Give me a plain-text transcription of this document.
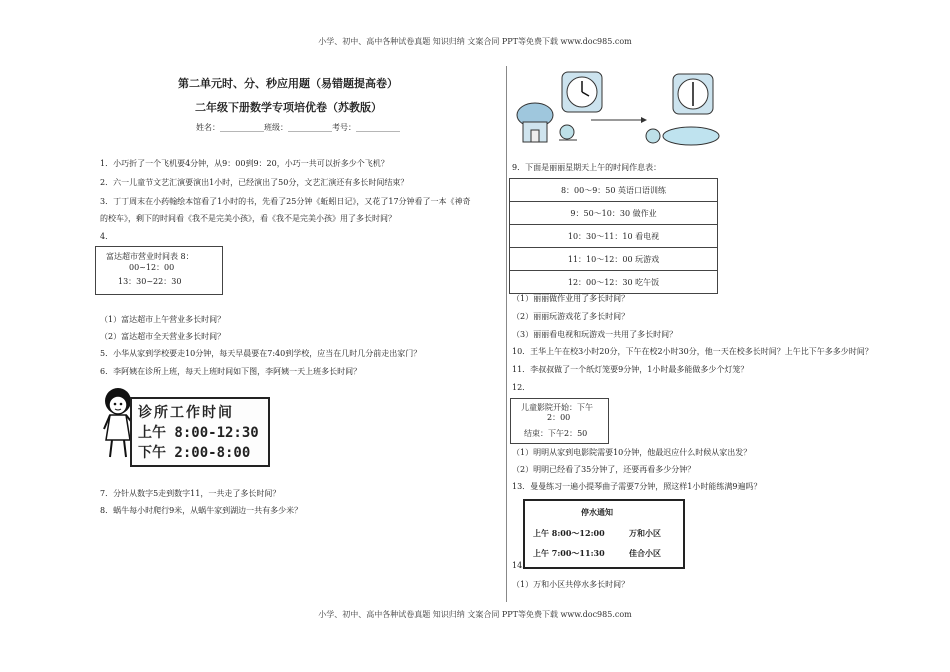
小学、初中、高中各种试卷真题 知识归纳 文案合同 PPT等免费下载 www.doc985.com
小学、初中、高中各种试卷真题 知识归纳 文案合同 PPT等免费下载 www.doc985.com
第二单元时、分、秒应用题（易错题提高卷）
二年级下册数学专项培优卷（苏教版）
姓名：___________班级：___________考号：___________
1．小巧折了一个飞机要4分钟，从9：00到9：20，小巧一共可以折多少个飞机？
2．六一儿童节文艺汇演要演出1小时，已经演出了50分，文艺汇演还有多长时间结束？
3．丁丁周末在小药翰绘本馆看了1小时的书，先看了25分钟《蚯蚓日记》，又花了17分钟看了一本《神奇
的校车》，剩下的时间看《我不是完美小孩》，看《我不是完美小孩》用了多长时间？
4．
富达超市营业时间表 8：
00~12：00
13：30~22：30
（1）富达超市上午营业多长时间？
（2）富达超市全天营业多长时间？
5．小华从家到学校要走10分钟，每天早晨要在7:40到学校，应当在几时几分前走出家门？
6．李阿姨在诊所上班，每天上班时间如下图，李阿姨一天上班多长时间？
诊所工作时间
上午 8:00-12:30
下午 2:00-8:00
7．分针从数字5走到数字11，一共走了多长时间？
8．蜗牛每小时爬行9米，从蜗牛家到湖边一共有多少米？
9．下面是丽丽星期天上午的时间作息表：
8：00～9：50 英语口语训练
9：50～10：30 做作业
10：30～11：10 看电视
11：10～12：00 玩游戏
12：00～12：30 吃午饭
（1）丽丽做作业用了多长时间？
（2）丽丽玩游戏花了多长时间？
（3）丽丽看电视和玩游戏一共用了多长时间？
10．王华上午在校3小时20分，下午在校2小时30分，他一天在校多长时间？上午比下午多多少时间？
11．李叔叔做了一个纸灯笼要9分钟，1小时最多能做多少个灯笼？
12．
儿童影院开始：下午
2：00
结束：下午2：50
（1）明明从家到电影院需要10分钟，他最迟应什么时候从家出发？
（2）明明已经看了35分钟了，还要再看多少分钟？
13．曼曼练习一遍小提琴曲子需要7分钟，照这样1小时能练满9遍吗？
停水通知
上午 8:00～12:00	万和小区
上午 7:00～11:30	佳合小区
14．
（1）万和小区共停水多长时间？
